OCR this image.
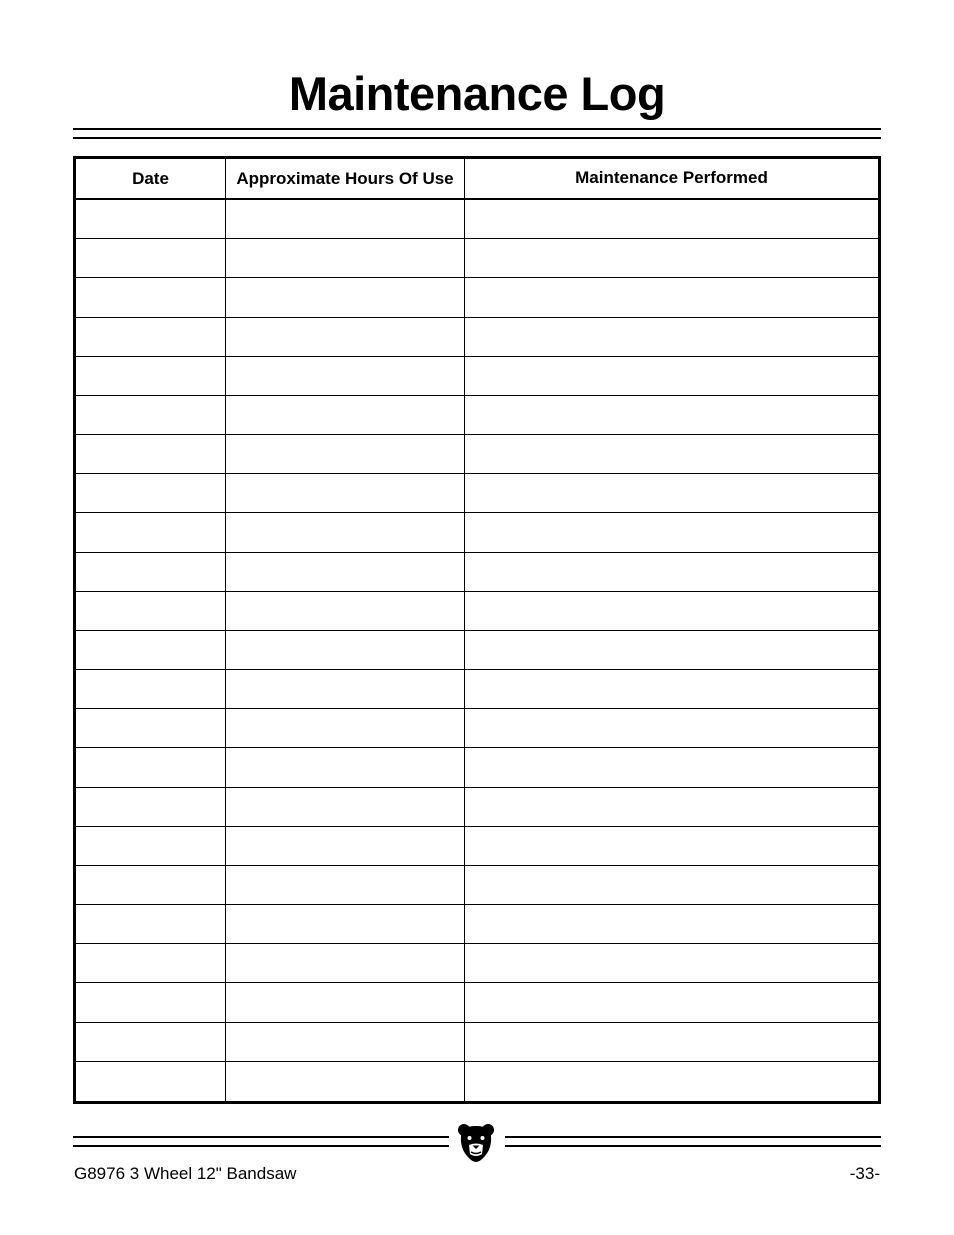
Maintenance Log
Date	Approximate Hours Of Use	Maintenance Performed
G8976 3 Wheel 12" Bandsaw	-33-
